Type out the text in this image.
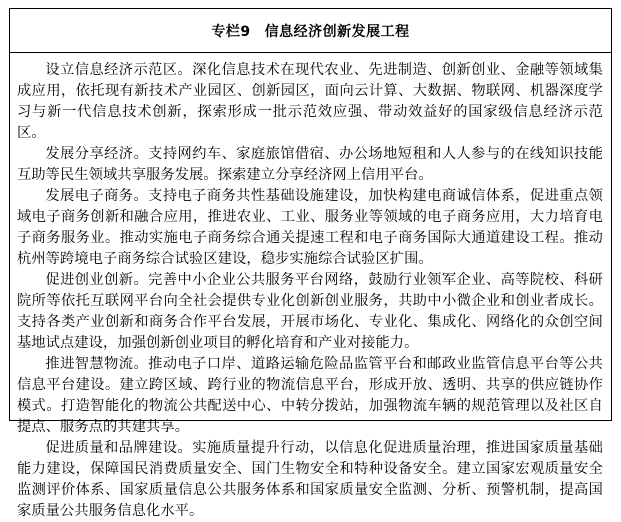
专栏9 信息经济创新发展工程

设立信息经济示范区。深化信息技术在现代农业、先进制造、创新创业、金融等领域集成应用，依托现有新技术产业园区、创新园区，面向云计算、大数据、物联网、机器深度学习与新一代信息技术创新，探索形成一批示范效应强、带动效益好的国家级信息经济示范区。

发展分享经济。支持网约车、家庭旅馆借宿、办公场地短租和人人参与的在线知识技能互助等民生领域共享服务发展。探索建立分享经济网上信用平台。

发展电子商务。支持电子商务共性基础设施建设，加快构建电商诚信体系，促进重点领域电子商务创新和融合应用，推进农业、工业、服务业等领域的电子商务应用，大力培育电子商务服务业。推动实施电子商务综合通关提速工程和电子商务国际大通道建设工程。推动杭州等跨境电子商务综合试验区建设，稳步实施综合试验区扩围。

促进创业创新。完善中小企业公共服务平台网络，鼓励行业领军企业、高等院校、科研院所等依托互联网平台向全社会提供专业化创新创业服务，共助中小微企业和创业者成长。支持各类产业创新和商务合作平台发展，开展市场化、专业化、集成化、网络化的众创空间基地试点建设，加强创新创业项目的孵化培育和产业对接能力。

推进智慧物流。推动电子口岸、道路运输危险品监管平台和邮政业监管信息平台等公共信息平台建设。建立跨区域、跨行业的物流信息平台，形成开放、透明、共享的供应链协作模式。打造智能化的物流公共配送中心、中转分拨站，加强物流车辆的规范管理以及社区自提点、服务点的共建共享。

促进质量和品牌建设。实施质量提升行动，以信息化促进质量治理，推进国家质量基础能力建设，保障国民消费质量安全、国门生物安全和特种设备安全。建立国家宏观质量安全监测评价体系、国家质量信息公共服务体系和国家质量安全监测、分析、预警机制，提高国家质量公共服务信息化水平。
